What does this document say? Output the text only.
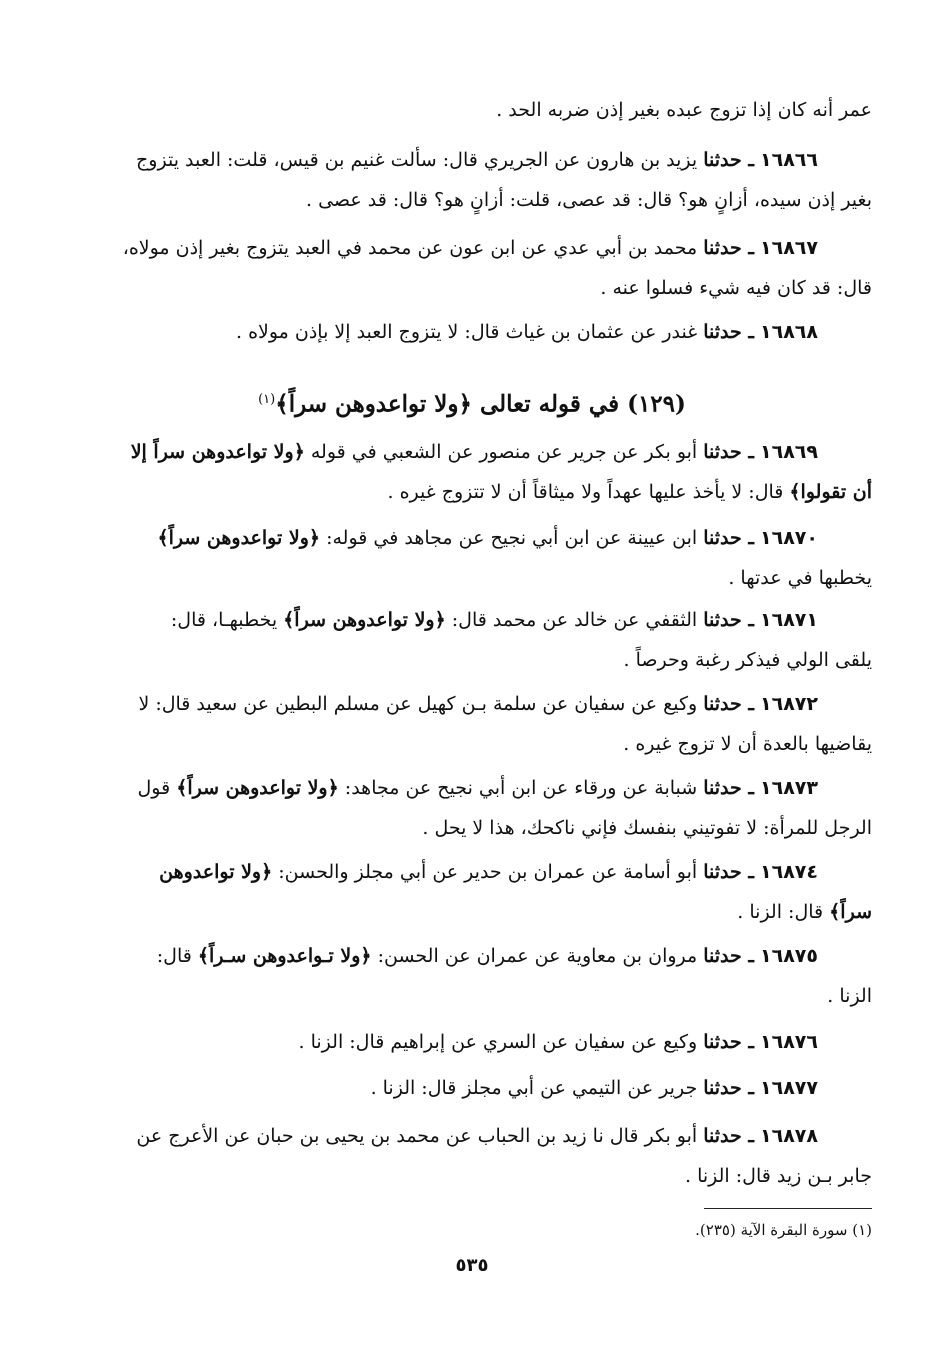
عمر أنه كان إذا تزوج عبده بغير إذن ضربه الحد .
١٦٨٦٦ ـ حدثنا يزيد بن هارون عن الجريري قال: سألت غنيم بن قيس، قلت: العبد يتزوج
بغير إذن سيده، أزانٍ هو؟ قال: قد عصى، قلت: أزانٍ هو؟ قال: قد عصى .
١٦٨٦٧ ـ حدثنا محمد بن أبي عدي عن ابن عون عن محمد في العبد يتزوج بغير إذن مولاه،
قال: قد كان فيه شيء فسلوا عنه .
١٦٨٦٨ ـ حدثنا غندر عن عثمان بن غياث قال: لا يتزوج العبد إلا بإذن مولاه .
(١٢٩) في قوله تعالى ﴿ولا تواعدوهن سراً﴾$^{(١)}$
١٦٨٦٩ ـ حدثنا أبو بكر عن جرير عن منصور عن الشعبي في قوله ﴿ولا تواعدوهن سراً إلا
أن تقولوا﴾ قال: لا يأخذ عليها عهداً ولا ميثاقاً أن لا تتزوج غيره .
١٦٨٧٠ ـ حدثنا ابن عيينة عن ابن أبي نجيح عن مجاهد في قوله: ﴿ولا تواعدوهن سراً﴾
يخطبها في عدتها .
١٦٨٧١ ـ حدثنا الثقفي عن خالد عن محمد قال: ﴿ولا تواعدوهن سراً﴾ يخطبهـا، قال:
يلقى الولي فيذكر رغبة وحرصاً .
١٦٨٧٢ ـ حدثنا وكيع عن سفيان عن سلمة بـن كهيل عن مسلم البطين عن سعيد قال: لا
يقاضيها بالعدة أن لا تزوج غيره .
١٦٨٧٣ ـ حدثنا شبابة عن ورقاء عن ابن أبي نجيح عن مجاهد: ﴿ولا تواعدوهن سراً﴾ قول
الرجل للمرأة: لا تفوتيني بنفسك فإني ناكحك، هذا لا يحل .
١٦٨٧٤ ـ حدثنا أبو أسامة عن عمران بن حدير عن أبي مجلز والحسن: ﴿ولا تواعدوهن
سراً﴾ قال: الزنا .
١٦٨٧٥ ـ حدثنا مروان بن معاوية عن عمران عن الحسن: ﴿ولا تـواعدوهن سـراً﴾ قال:
الزنا .
١٦٨٧٦ ـ حدثنا وكيع عن سفيان عن السري عن إبراهيم قال: الزنا .
١٦٨٧٧ ـ حدثنا جرير عن التيمي عن أبي مجلز قال: الزنا .
١٦٨٧٨ ـ حدثنا أبو بكر قال نا زيد بن الحباب عن محمد بن يحيى بن حبان عن الأعرج عن
جابر بـن زيد قال: الزنا .
(١) سورة البقرة الآية (٢٣٥).
٥٣٥
